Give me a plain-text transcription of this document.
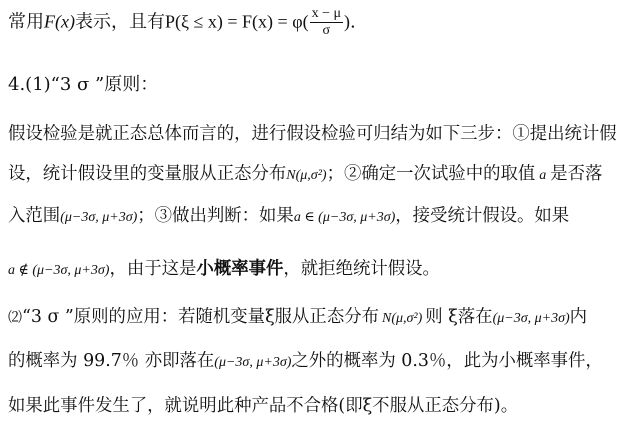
常用F(x)表示，且有$P(\xi \le x) = F(x) = \varphi( \frac{x - \mu}{\sigma}$ ).
4.(1)“3 σ ”原则：
假设检验是就正态总体而言的，进行假设检验可归结为如下三步：①提出统计假
设，统计假设里的变量服从正态分布N(μ,σ²)；②确定一次试验中的取值 a 是否落
入范围(μ−3σ, μ+3σ)；③做出判断：如果a ∈ (μ−3σ, μ+3σ)，接受统计假设。如果
a ∉ (μ−3σ, μ+3σ)，由于这是小概率事件，就拒绝统计假设。
⑵“3 σ ”原则的应用：若随机变量ξ服从正态分布 N(μ,σ²) 则 ξ落在(μ−3σ, μ+3σ)内
的概率为 99.7％ 亦即落在(μ−3σ, μ+3σ)之外的概率为 0.3％，此为小概率事件，
如果此事件发生了，就说明此种产品不合格(即ξ不服从正态分布)。
